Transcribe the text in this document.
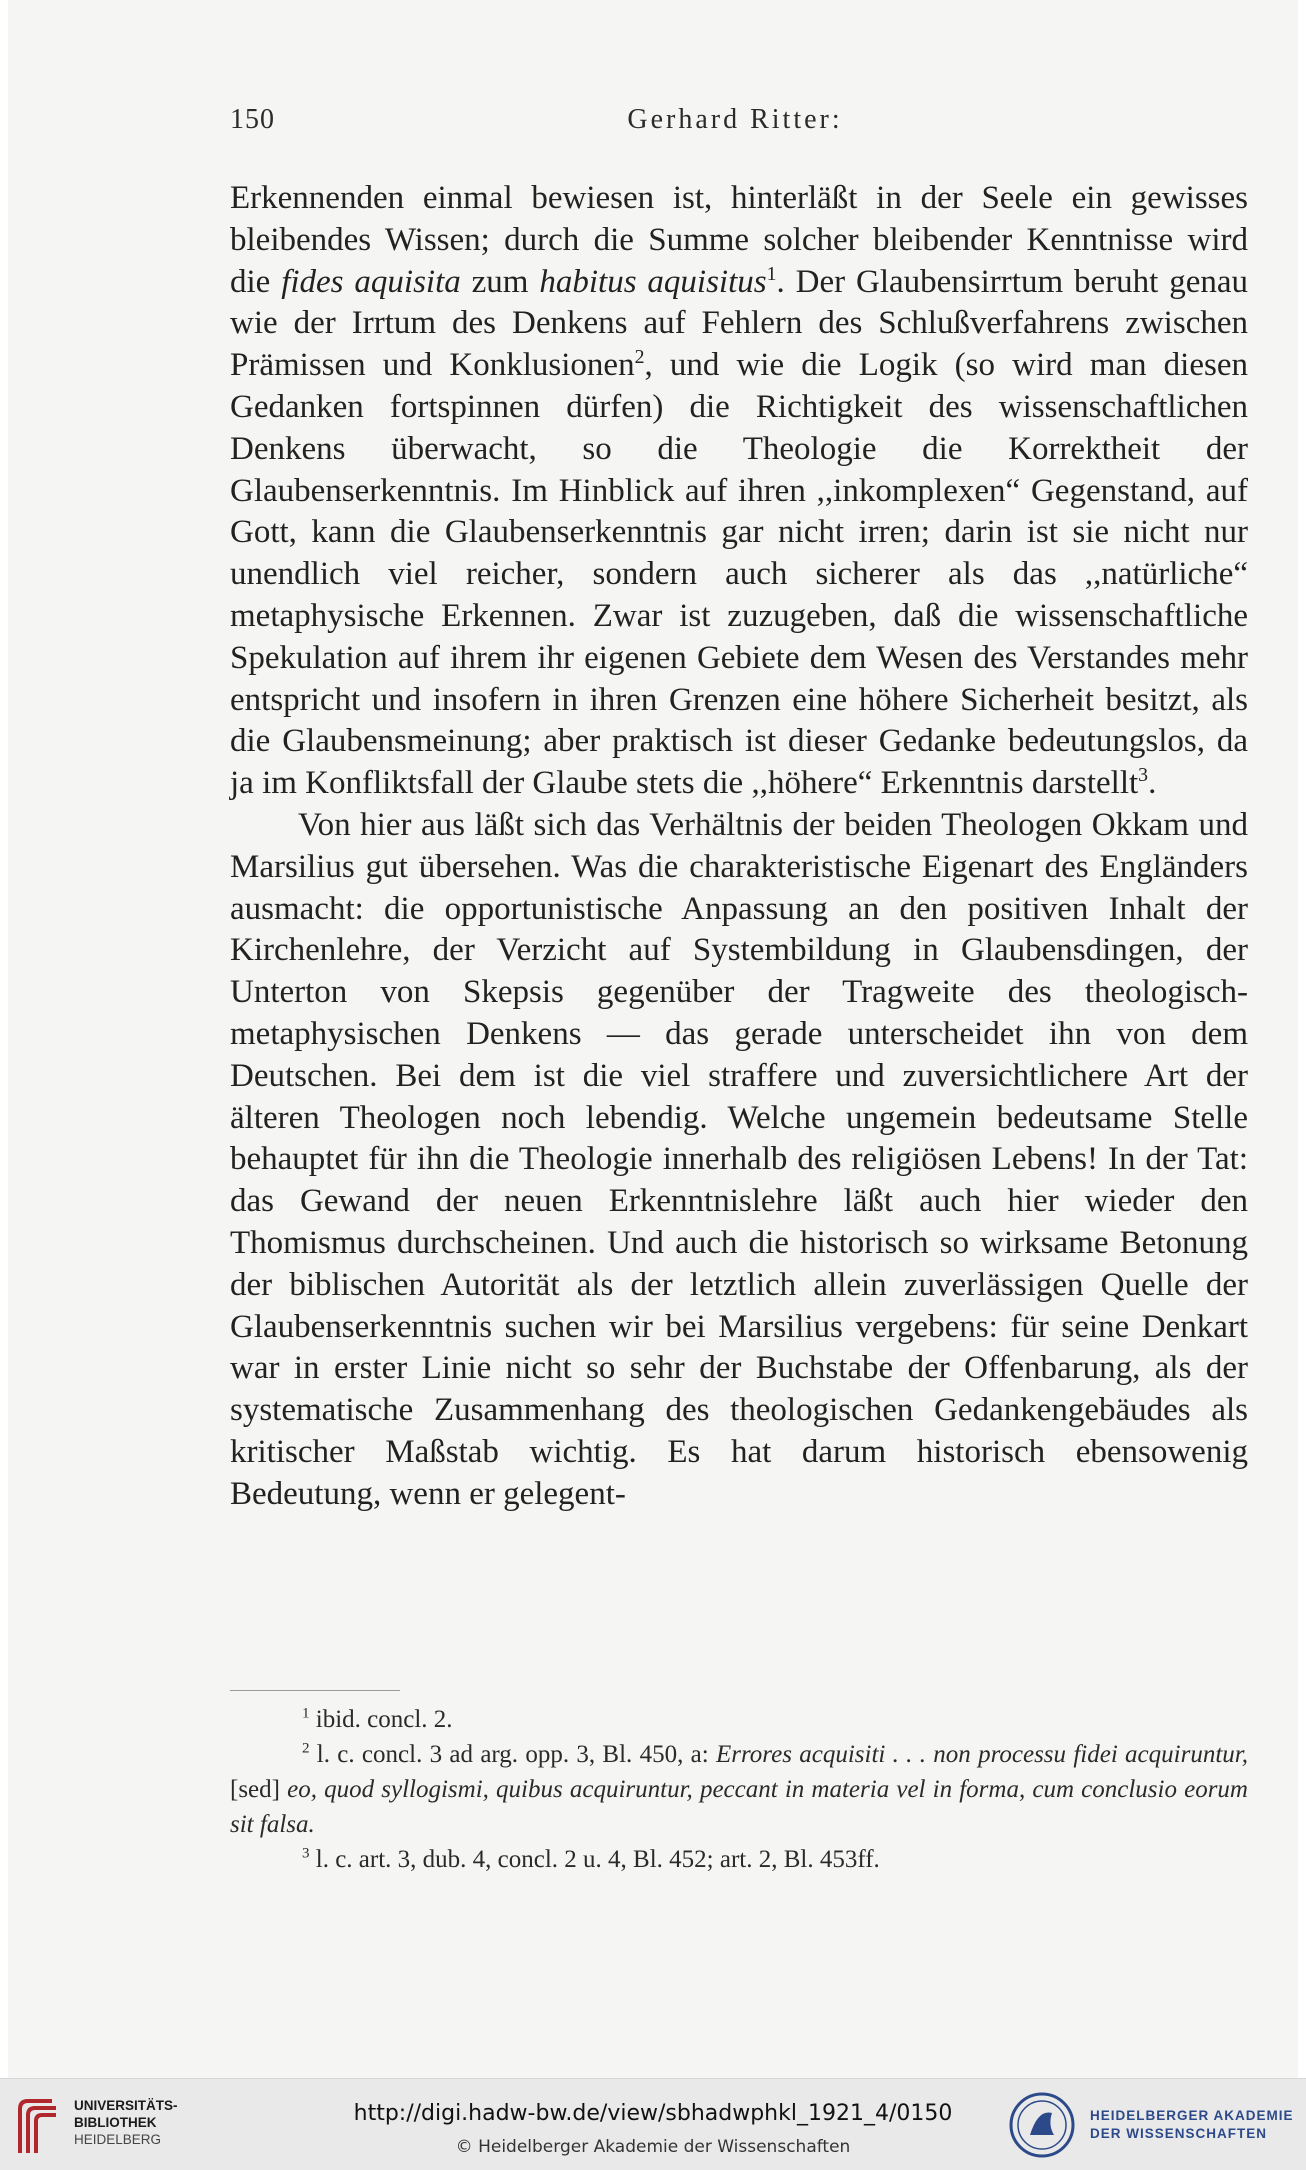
150	Gerhard Ritter:

Erkennenden einmal bewiesen ist, hinterläßt in der Seele ein gewisses bleibendes Wissen; durch die Summe solcher bleibender Kenntnisse wird die fides aquisita zum habitus aquisitus$^1$. Der Glaubensirrtum beruht genau wie der Irrtum des Denkens auf Fehlern des Schlußverfahrens zwischen Prämissen und Konklusionen$^2$, und wie die Logik (so wird man diesen Gedanken fortspinnen dürfen) die Richtigkeit des wissenschaftlichen Denkens überwacht, so die Theologie die Korrektheit der Glaubenserkenntnis. Im Hinblick auf ihren ,,inkomplexen“ Gegenstand, auf Gott, kann die Glaubenserkenntnis gar nicht irren; darin ist sie nicht nur unendlich viel reicher, sondern auch sicherer als das ,,natürliche“ metaphysische Erkennen. Zwar ist zuzugeben, daß die wissenschaftliche Spekulation auf ihrem ihr eigenen Gebiete dem Wesen des Verstandes mehr entspricht und insofern in ihren Grenzen eine höhere Sicherheit besitzt, als die Glaubensmeinung; aber praktisch ist dieser Gedanke bedeutungslos, da ja im Konfliktsfall der Glaube stets die ,,höhere“ Erkenntnis darstellt$^3$.

Von hier aus läßt sich das Verhältnis der beiden Theologen Okkam und Marsilius gut übersehen. Was die charakteristische Eigenart des Engländers ausmacht: die opportunistische Anpassung an den positiven Inhalt der Kirchenlehre, der Verzicht auf Systembildung in Glaubensdingen, der Unterton von Skepsis gegenüber der Tragweite des theologisch-metaphysischen Denkens — das gerade unterscheidet ihn von dem Deutschen. Bei dem ist die viel straffere und zuversichtlichere Art der älteren Theologen noch lebendig. Welche ungemein bedeutsame Stelle behauptet für ihn die Theologie innerhalb des religiösen Lebens! In der Tat: das Gewand der neuen Erkenntnislehre läßt auch hier wieder den Thomismus durchscheinen. Und auch die historisch so wirksame Betonung der biblischen Autorität als der letztlich allein zuverlässigen Quelle der Glaubenserkenntnis suchen wir bei Marsilius vergebens: für seine Denkart war in erster Linie nicht so sehr der Buchstabe der Offenbarung, als der systematische Zusammenhang des theologischen Gedankengebäudes als kritischer Maßstab wichtig. Es hat darum historisch ebensowenig Bedeutung, wenn er gelegent-

$^1$ ibid. concl. 2.

$^2$ l. c. concl. 3 ad arg. opp. 3, Bl. 450, a: Errores acquisiti . . . non processu fidei acquiruntur, [sed] eo, quod syllogismi, quibus acquiruntur, peccant in materia vel in forma, cum conclusio eorum sit falsa.

$^3$ l. c. art. 3, dub. 4, concl. 2 u. 4, Bl. 452; art. 2, Bl. 453ff.

UNIVERSITÄTS-
BIBLIOTHEK
HEIDELBERG
http://digi.hadw-bw.de/view/sbhadwphkl_1921_4/0150
© Heidelberger Akademie der Wissenschaften
HEIDELBERGER AKADEMIE
DER WISSENSCHAFTEN
